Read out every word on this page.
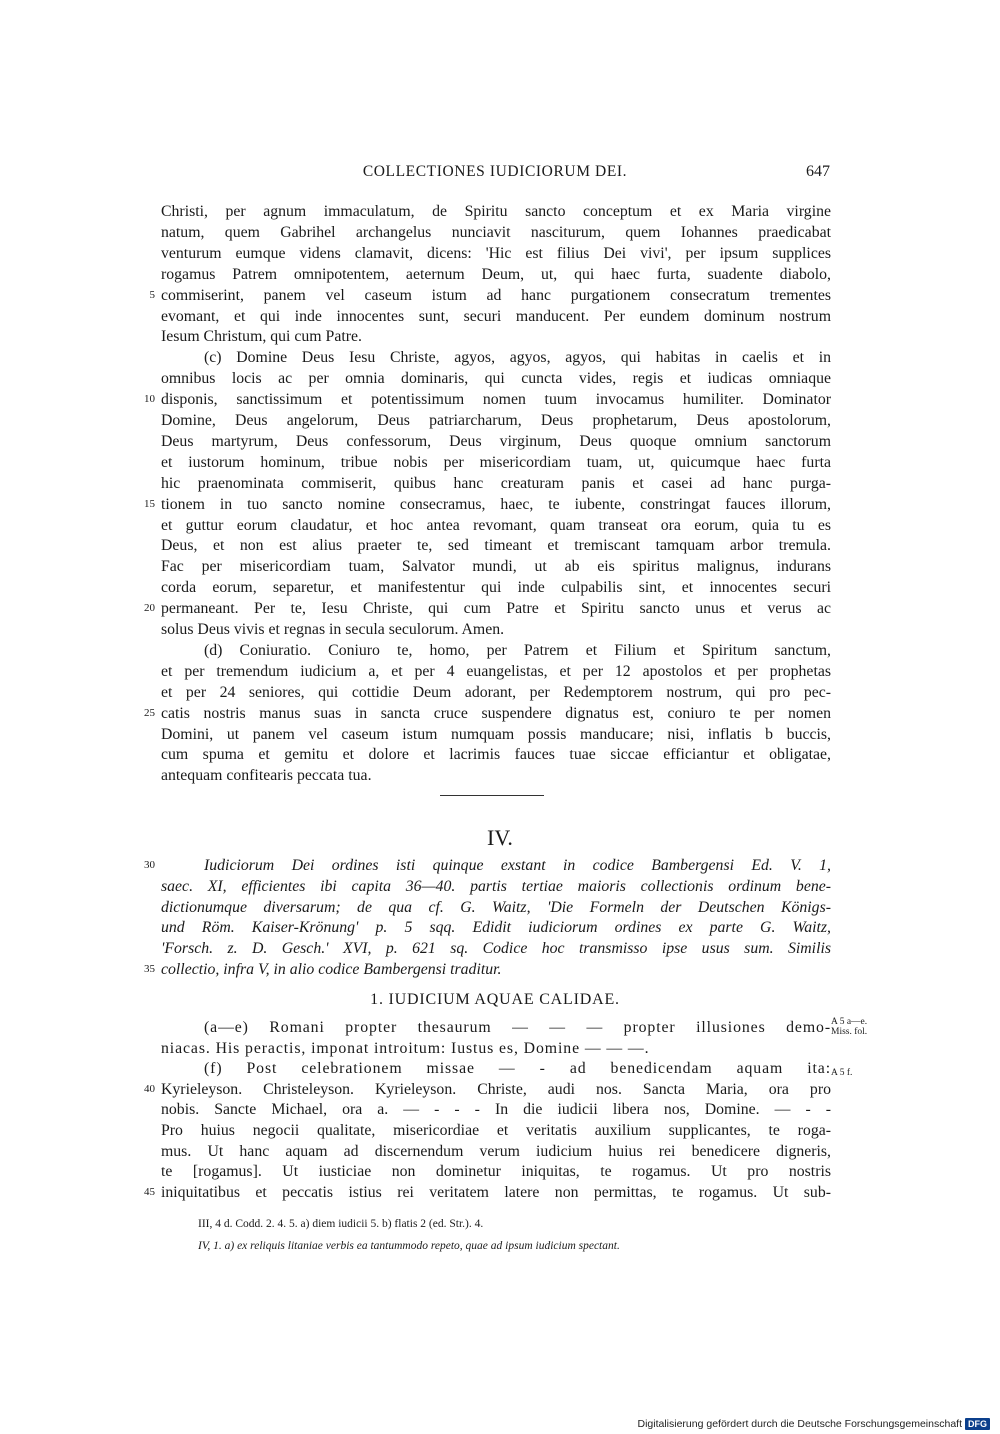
COLLECTIONES IUDICIORUM DEI.	647
Christi, per agnum immaculatum, de Spiritu sancto conceptum et ex Maria virgine
natum, quem Gabrihel archangelus nunciavit nasciturum, quem Iohannes praedicabat
venturum eumque videns clamavit, dicens: 'Hic est filius Dei vivi', per ipsum supplices
rogamus Patrem omnipotentem, aeternum Deum, ut, qui haec furta, suadente diabolo,
commiserint, panem vel caseum istum ad hanc purgationem consecratum trementes
5
evomant, et qui inde innocentes sunt, securi manducent. Per eundem dominum nostrum
Iesum Christum, qui cum Patre.
(c) Domine Deus Iesu Christe, agyos, agyos, agyos, qui habitas in caelis et in
omnibus locis ac per omnia dominaris, qui cuncta vides, regis et iudicas omniaque
disponis, sanctissimum et potentissimum nomen tuum invocamus humiliter. Dominator
10
Domine, Deus angelorum, Deus patriarcharum, Deus prophetarum, Deus apostolorum,
Deus martyrum, Deus confessorum, Deus virginum, Deus quoque omnium sanctorum
et iustorum hominum, tribue nobis per misericordiam tuam, ut, quicumque haec furta
hic praenominata commiserit, quibus hanc creaturam panis et casei ad hanc purga-
tionem in tuo sancto nomine consecramus, haec, te iubente, constringat fauces illorum,
15
et guttur eorum claudatur, et hoc antea revomant, quam transeat ora eorum, quia tu es
Deus, et non est alius praeter te, sed timeant et tremiscant tamquam arbor tremula.
Fac per misericordiam tuam, Salvator mundi, ut ab eis spiritus malignus, indurans
corda eorum, separetur, et manifestentur qui inde culpabilis sint, et innocentes securi
permaneant. Per te, Iesu Christe, qui cum Patre et Spiritu sancto unus et verus ac
20
solus Deus vivis et regnas in secula seculorum. Amen.
(d) Coniuratio. Coniuro te, homo, per Patrem et Filium et Spiritum sanctum,
et per tremendum iudicium a, et per 4 euangelistas, et per 12 apostolos et per prophetas
et per 24 seniores, qui cottidie Deum adorant, per Redemptorem nostrum, qui pro pec-
catis nostris manus suas in sancta cruce suspendere dignatus est, coniuro te per nomen
25
Domini, ut panem vel caseum istum numquam possis manducare; nisi, inflatis b buccis,
cum spuma et gemitu et dolore et lacrimis fauces tuae siccae efficiantur et obligatae,
antequam confitearis peccata tua.
IV.
Iudiciorum Dei ordines isti quinque exstant in codice Bambergensi Ed. V. 1,
30
saec. XI, efficientes ibi capita 36—40. partis tertiae maioris collectionis ordinum bene-
dictionumque diversarum; de qua cf. G. Waitz, 'Die Formeln der Deutschen Königs-
und Röm. Kaiser-Krönung' p. 5 sqq. Edidit iudiciorum ordines ex parte G. Waitz,
'Forsch. z. D. Gesch.' XVI, p. 621 sq. Codice hoc transmisso ipse usus sum. Similis
collectio, infra V, in alio codice Bambergensi traditur.
35
1. IUDICIUM AQUAE CALIDAE.
(a—e) Romani propter thesaurum — — — propter illusiones demo-
niacas. His peractis, imponat introitum: Iustus es, Domine — — —.
(f) Post celebrationem missae — - ad benedicendam aquam ita:
Kyrieleyson. Christeleyson. Kyrieleyson. Christe, audi nos. Sancta Maria, ora pro
40
nobis. Sancte Michael, ora a. — - - - In die iudicii libera nos, Domine. — - -
Pro huius negocii qualitate, misericordiae et veritatis auxilium supplicantes, te roga-
mus. Ut hanc aquam ad discernendum verum iudicium huius rei benedicere digneris,
te [rogamus]. Ut iusticiae non dominetur iniquitas, te rogamus. Ut pro nostris
iniquitatibus et peccatis istius rei veritatem latere non permittas, te rogamus. Ut sub-
45
A 5 a—e.
Miss. fol.
A 5 f.
III, 4 d. Codd. 2. 4. 5. a) diem iudicii 5. b) flatis 2 (ed. Str.). 4.
IV, 1. a) ex reliquis litaniae verbis ea tantummodo repeto, quae ad ipsum iudicium spectant.
Digitalisierung gefördert durch die Deutsche Forschungsgemeinschaft DFG
